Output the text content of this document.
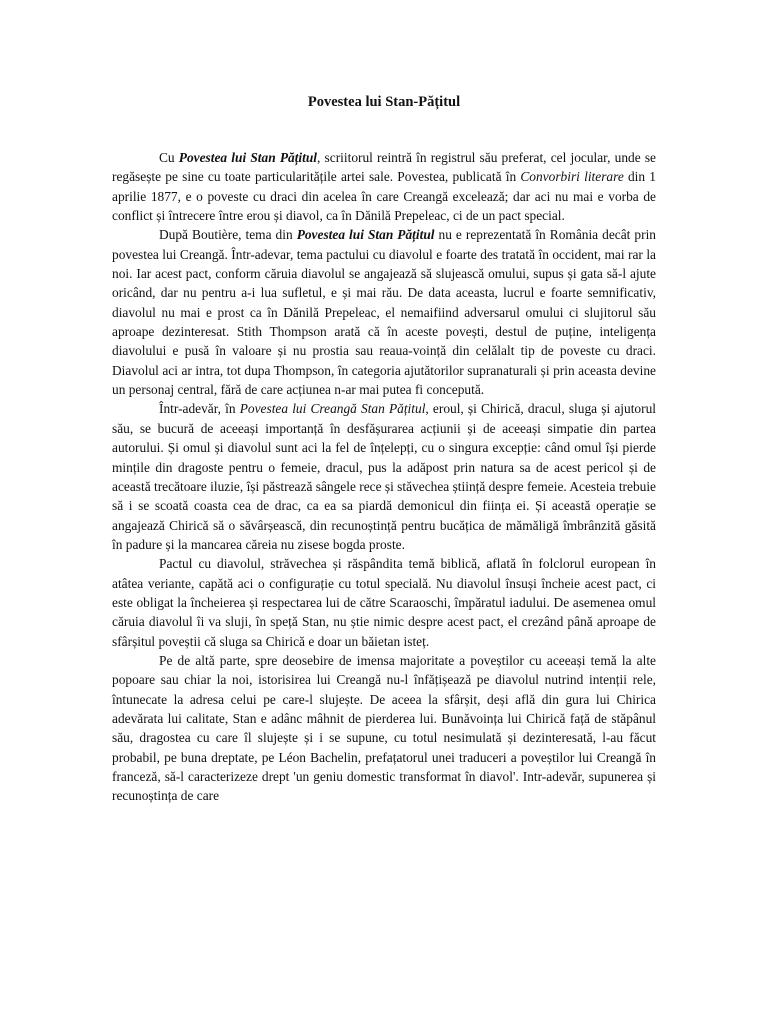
Povestea lui Stan-Pățitul

Cu Povestea lui Stan Pățitul, scriitorul reintră în registrul său preferat, cel jocular, unde se regăsește pe sine cu toate particularitățile artei sale. Povestea, publicată în Convorbiri literare din 1 aprilie 1877, e o poveste cu draci din acelea în care Creangă excelează; dar aci nu mai e vorba de conflict și întrecere între erou și diavol, ca în Dănilă Prepeleac, ci de un pact special.

După Boutière, tema din Povestea lui Stan Pățitul nu e reprezentată în România decât prin povestea lui Creangă. Într-adevar, tema pactului cu diavolul e foarte des tratată în occident, mai rar la noi. Iar acest pact, conform căruia diavolul se angajează să slujească omului, supus și gata să-l ajute oricând, dar nu pentru a-i lua sufletul, e și mai rău. De data aceasta, lucrul e foarte semnificativ, diavolul nu mai e prost ca în Dănilă Prepeleac, el nemaifiind adversarul omului ci slujitorul său aproape dezinteresat. Stith Thompson arată că în aceste povești, destul de puține, inteligența diavolului e pusă în valoare și nu prostia sau reaua-voință din celălalt tip de poveste cu draci. Diavolul aci ar intra, tot dupa Thompson, în categoria ajutătorilor supranaturali și prin aceasta devine un personaj central, fără de care acțiunea n-ar mai putea fi concepută.

Într-adevăr, în Povestea lui Creangă Stan Pățitul, eroul, și Chirică, dracul, sluga și ajutorul său, se bucură de aceeași importanță în desfășurarea acțiunii și de aceeași simpatie din partea autorului. Și omul și diavolul sunt aci la fel de înțelepți, cu o singura excepție: când omul își pierde mințile din dragoste pentru o femeie, dracul, pus la adăpost prin natura sa de acest pericol și de această trecătoare iluzie, își păstrează sângele rece și stăvechea știință despre femeie. Acesteia trebuie să i se scoată coasta cea de drac, ca ea sa piardă demonicul din ființa ei. Și această operație se angajează Chirică să o săvârșească, din recunoștință pentru bucățica de mămăligă îmbrânzită găsită în padure și la mancarea căreia nu zisese bogda proste.

Pactul cu diavolul, străvechea și răspândita temă biblică, aflată în folclorul european în atâtea veriante, capătă aci o configurație cu totul specială. Nu diavolul însuși încheie acest pact, ci este obligat la încheierea și respectarea lui de către Scaraoschi, împăratul iadului. De asemenea omul căruia diavolul îi va sluji, în speță Stan, nu știe nimic despre acest pact, el crezând până aproape de sfârșitul poveștii că sluga sa Chirică e doar un băietan isteț.

Pe de altă parte, spre deosebire de imensa majoritate a poveștilor cu aceeași temă la alte popoare sau chiar la noi, istorisirea lui Creangă nu-l înfățișează pe diavolul nutrind intenții rele, întunecate la adresa celui pe care-l slujește. De aceea la sfârșit, deși află din gura lui Chirica adevărata lui calitate, Stan e adânc mâhnit de pierderea lui. Bunăvoința lui Chirică față de stăpânul său, dragostea cu care îl slujește și i se supune, cu totul nesimulată și dezinteresată, l-au făcut probabil, pe buna dreptate, pe Léon Bachelin, prefațatorul unei traduceri a poveștilor lui Creangă în franceză, să-l caracterizeze drept 'un geniu domestic transformat în diavol'. Intr-adevăr, supunerea și recunoștința de care
